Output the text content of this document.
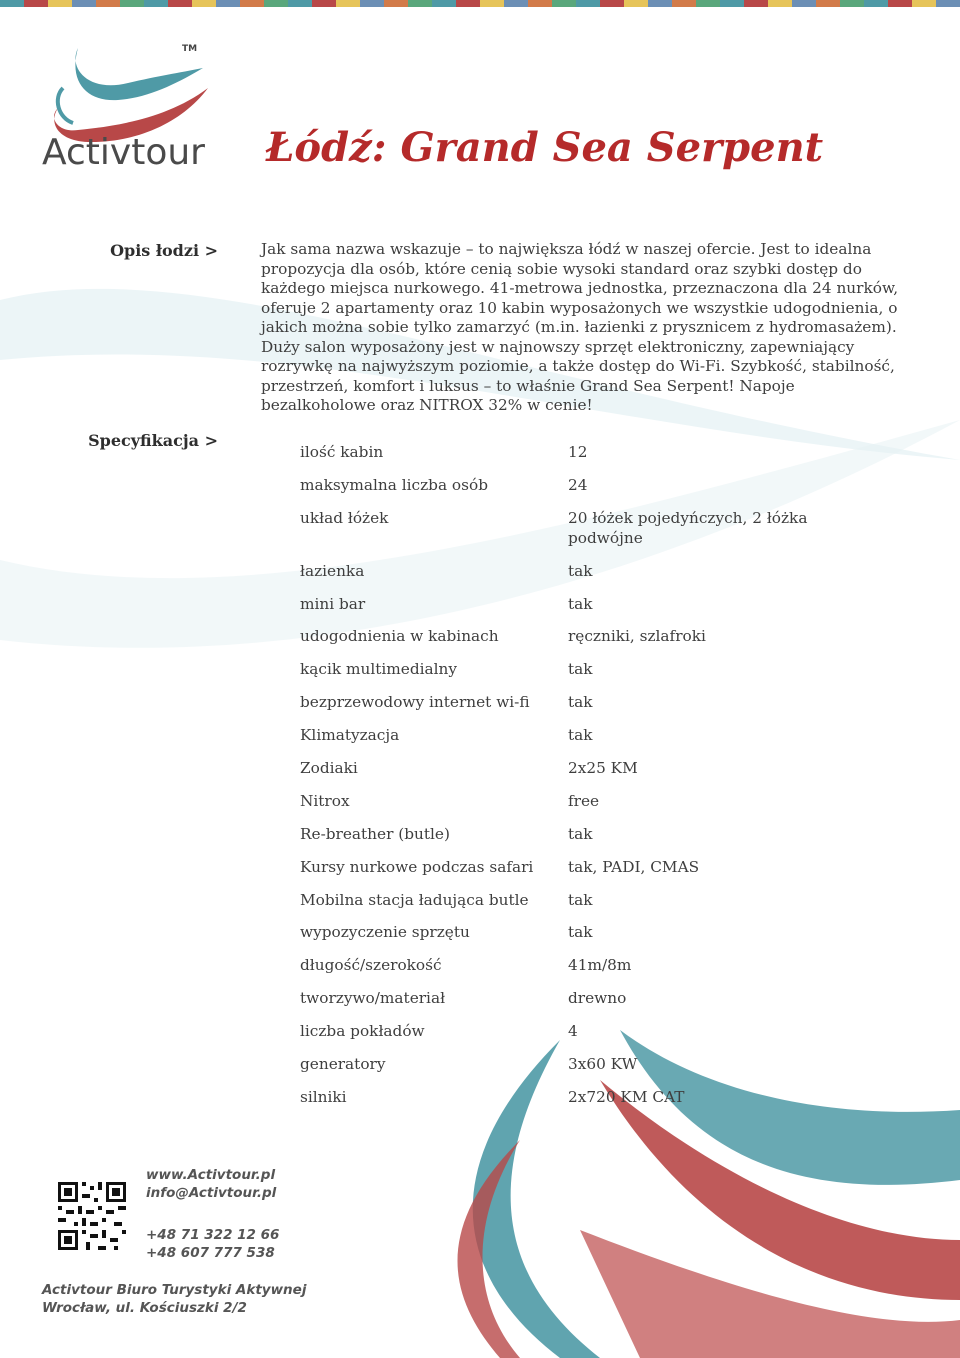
TM
Activtour Łódź: Grand Sea Serpent
Opis łodzi >	Jak sama nazwa wskazuje – to największa łódź w naszej ofercie. Jest to idealna propozycja dla osób, które cenią sobie wysoki standard oraz szybki dostęp do każdego miejsca nurkowego. 41-metrowa jednostka, przeznaczona dla 24 nurków, oferuje 2 apartamenty oraz 10 kabin wyposażonych we wszystkie udogodnienia, o jakich można sobie tylko zamarzyć (m.in. łazienki z prysznicem z hydromasażem). Duży salon wyposażony jest w najnowszy sprzęt elektroniczny, zapewniający rozrywkę na najwyższym poziomie, a także dostęp do Wi-Fi. Szybkość, stabilność, przestrzeń, komfort i luksus – to właśnie Grand Sea Serpent! Napoje bezalkoholowe oraz NITROX 32% w cenie!
Specyfikacja >
ilość kabin	12
maksymalna liczba osób	24
układ łóżek	20 łóżek pojedyńczych, 2 łóżka podwójne
łazienka	tak
mini bar	tak
udogodnienia w kabinach	ręczniki, szlafroki
kącik multimedialny	tak
bezprzewodowy internet wi-fi	tak
Klimatyzacja	tak
Zodiaki	2x25 KM
Nitrox	free
Re-breather (butle)	tak
Kursy nurkowe podczas safari	tak, PADI, CMAS
Mobilna stacja ładująca butle	tak
wypozyczenie sprzętu	tak
długość/szerokość	41m/8m
tworzywo/materiał	drewno
liczba pokładów	4
generatory	3x60 KW
silniki	2x720 KM CAT
www.Activtour.pl
info@Activtour.pl
+48 71 322 12 66
+48 607 777 538
Activtour Biuro Turystyki Aktywnej
Wrocław, ul. Kościuszki 2/2
